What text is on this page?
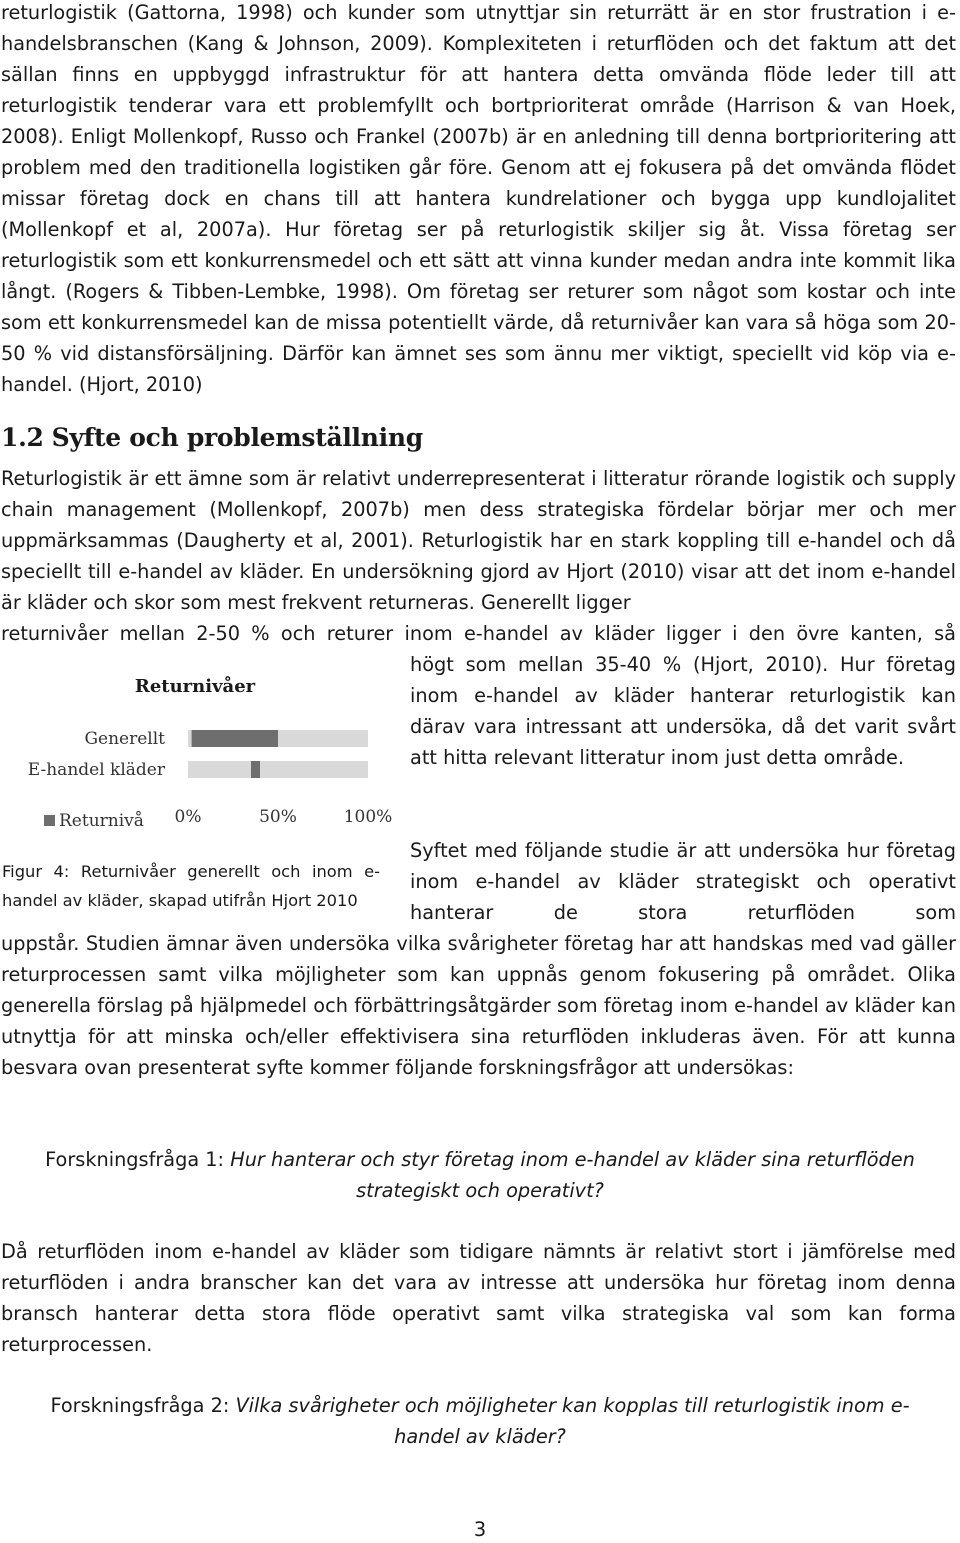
returlogistik (Gattorna, 1998) och kunder som utnyttjar sin returrätt är en stor frustration i e-handelsbranschen (Kang & Johnson, 2009). Komplexiteten i returflöden och det faktum att det sällan finns en uppbyggd infrastruktur för att hantera detta omvända flöde leder till att returlogistik tenderar vara ett problemfyllt och bortprioriterat område (Harrison & van Hoek, 2008). Enligt Mollenkopf, Russo och Frankel (2007b) är en anledning till denna bortprioritering att problem med den traditionella logistiken går före. Genom att ej fokusera på det omvända flödet missar företag dock en chans till att hantera kundrelationer och bygga upp kundlojalitet (Mollenkopf et al, 2007a). Hur företag ser på returlogistik skiljer sig åt. Vissa företag ser returlogistik som ett konkurrensmedel och ett sätt att vinna kunder medan andra inte kommit lika långt. (Rogers & Tibben-Lembke, 1998). Om företag ser returer som något som kostar och inte som ett konkurrensmedel kan de missa potentiellt värde, då returnivåer kan vara så höga som 20-50 % vid distansförsäljning. Därför kan ämnet ses som ännu mer viktigt, speciellt vid köp via e-handel. (Hjort, 2010)

1.2 Syfte och problemställning

Returlogistik är ett ämne som är relativt underrepresenterat i litteratur rörande logistik och supply chain management (Mollenkopf, 2007b) men dess strategiska fördelar börjar mer och mer uppmärksammas (Daugherty et al, 2001). Returlogistik har en stark koppling till e-handel och då speciellt till e-handel av kläder. En undersökning gjord av Hjort (2010) visar att det inom e-handel är kläder och skor som mest frekvent returneras. Generellt ligger

returnivåer mellan 2-50 % och returer inom e-handel av kläder ligger i den övre kanten, så

högt som mellan 35-40 % (Hjort, 2010). Hur företag inom e-handel av kläder hanterar returlogistik kan därav vara intressant att undersöka, då det varit svårt att hitta relevant litteratur inom just detta område.

Syftet med följande studie är att undersöka hur företag inom e-handel av kläder strategiskt och operativt hanterar de stora returflöden som

uppstår. Studien ämnar även undersöka vilka svårigheter företag har att handskas med vad gäller returprocessen samt vilka möjligheter som kan uppnås genom fokusering på området. Olika generella förslag på hjälpmedel och förbättringsåtgärder som företag inom e-handel av kläder kan utnyttja för att minska och/eller effektivisera sina returflöden inkluderas även. För att kunna besvara ovan presenterat syfte kommer följande forskningsfrågor att undersökas:

Returnivåer
Generellt
E-handel kläder
0%	50%	100%
Returnivå
Figur 4: Returnivåer generellt och inom e-handel av kläder, skapad utifrån Hjort 2010

Forskningsfråga 1: Hur hanterar och styr företag inom e-handel av kläder sina returflöden

strategiskt och operativt?

Då returflöden inom e-handel av kläder som tidigare nämnts är relativt stort i jämförelse med returflöden i andra branscher kan det vara av intresse att undersöka hur företag inom denna bransch hanterar detta stora flöde operativt samt vilka strategiska val som kan forma returprocessen.

Forskningsfråga 2: Vilka svårigheter och möjligheter kan kopplas till returlogistik inom e-

handel av kläder?

3
